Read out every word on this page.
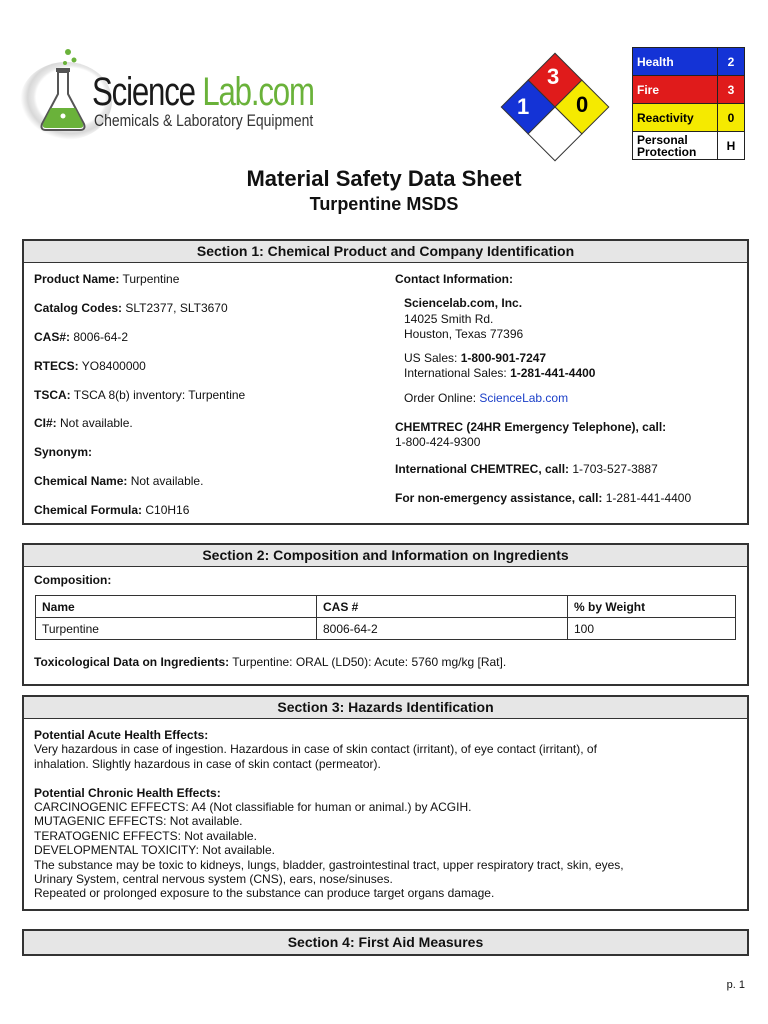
Science Lab.com
Chemicals & Laboratory Equipment
3
1 0
Health	2
Fire	3
Reactivity	0
Personal Protection	H
Material Safety Data Sheet
Turpentine MSDS
Section 1: Chemical Product and Company Identification
Product Name: Turpentine
Catalog Codes: SLT2377, SLT3670
CAS#: 8006-64-2
RTECS: YO8400000
TSCA: TSCA 8(b) inventory: Turpentine
CI#: Not available.
Synonym:
Chemical Name: Not available.
Chemical Formula: C10H16
Contact Information:
Sciencelab.com, Inc.
14025 Smith Rd.
Houston, Texas 77396
US Sales: 1-800-901-7247
International Sales: 1-281-441-4400
Order Online: ScienceLab.com
CHEMTREC (24HR Emergency Telephone), call:
1-800-424-9300
International CHEMTREC, call: 1-703-527-3887
For non-emergency assistance, call: 1-281-441-4400
Section 2: Composition and Information on Ingredients
Composition:
Name	CAS #	% by Weight
Turpentine	8006-64-2	100
Toxicological Data on Ingredients: Turpentine: ORAL (LD50): Acute: 5760 mg/kg [Rat].
Section 3: Hazards Identification
Potential Acute Health Effects:
Very hazardous in case of ingestion. Hazardous in case of skin contact (irritant), of eye contact (irritant), of
inhalation. Slightly hazardous in case of skin contact (permeator).
Potential Chronic Health Effects:
CARCINOGENIC EFFECTS: A4 (Not classifiable for human or animal.) by ACGIH.
MUTAGENIC EFFECTS: Not available.
TERATOGENIC EFFECTS: Not available.
DEVELOPMENTAL TOXICITY: Not available.
The substance may be toxic to kidneys, lungs, bladder, gastrointestinal tract, upper respiratory tract, skin, eyes,
Urinary System, central nervous system (CNS), ears, nose/sinuses.
Repeated or prolonged exposure to the substance can produce target organs damage.
Section 4: First Aid Measures
p. 1
